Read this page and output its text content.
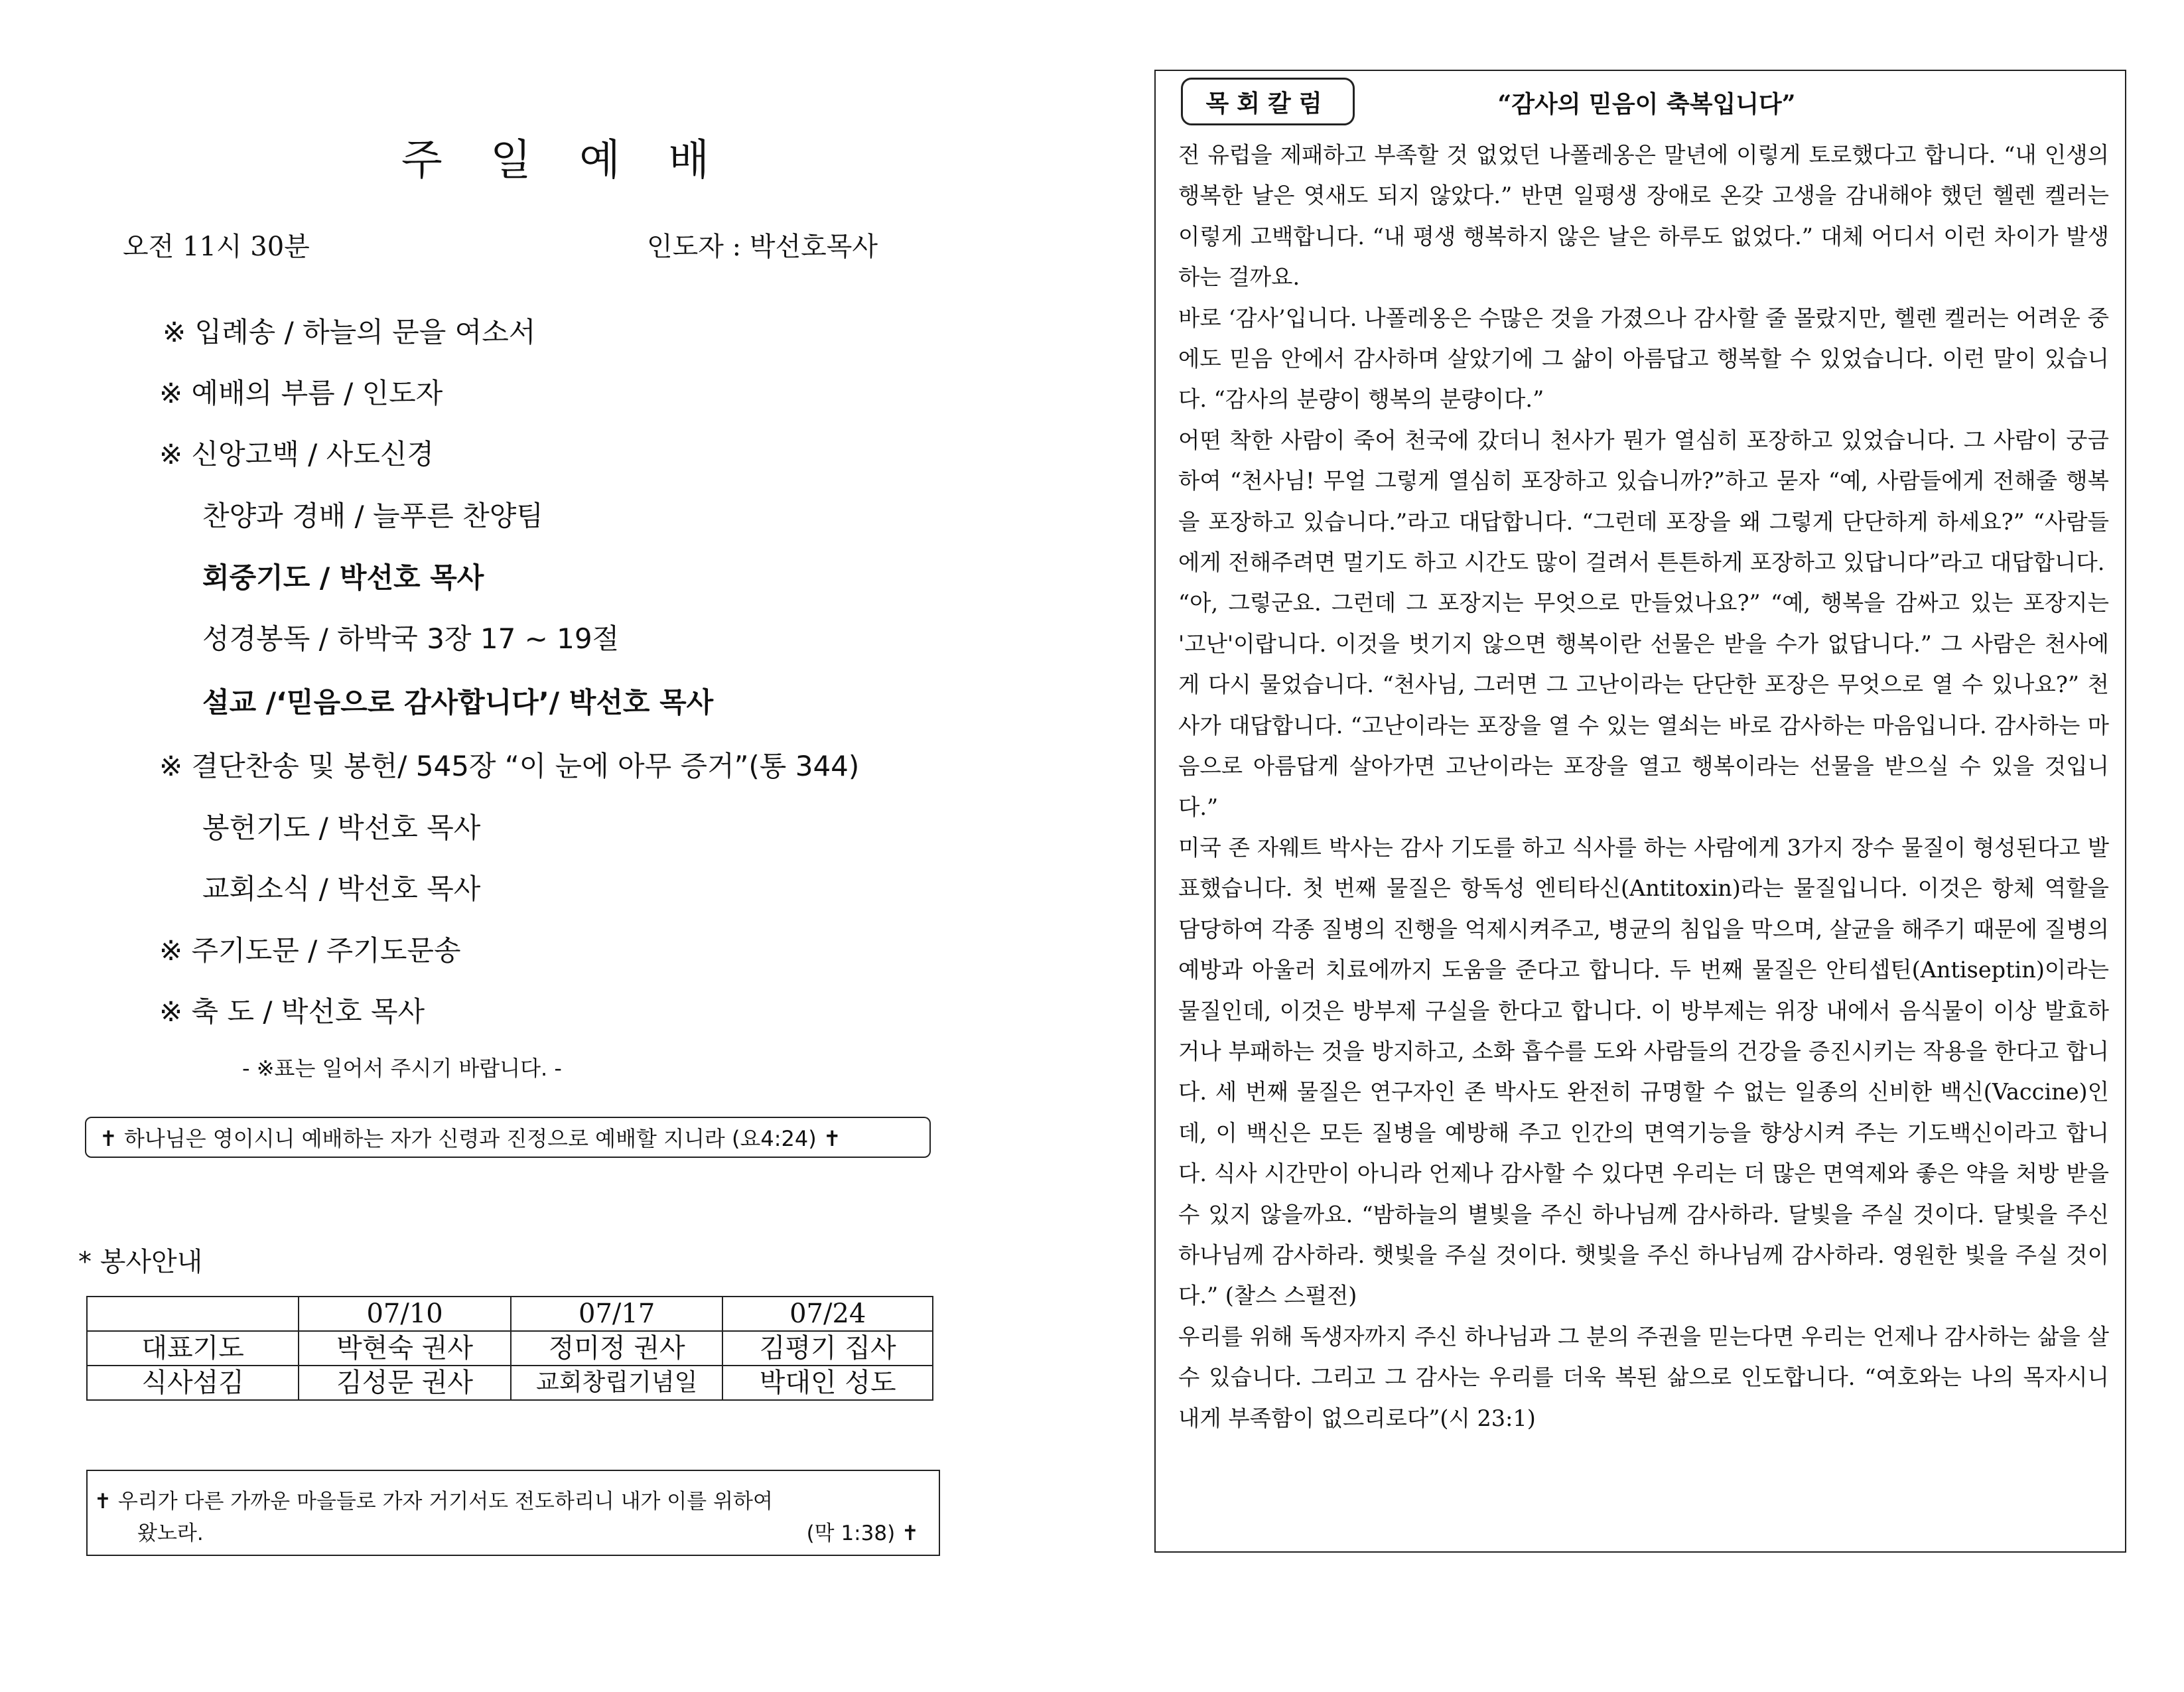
주 일 예 배
오전 11시 30분	인도자 : 박선호목사
※ 입례송 / 하늘의 문을 여소서
※ 예배의 부름 / 인도자
※ 신앙고백 / 사도신경
찬양과 경배 / 늘푸른 찬양팀
회중기도 / 박선호 목사
성경봉독 / 하박국 3장 17 ~ 19절
설교 /‘믿음으로 감사합니다’/ 박선호 목사
※ 결단찬송 및 봉헌/ 545장 “이 눈에 아무 증거”(통 344)
봉헌기도 / 박선호 목사
교회소식 / 박선호 목사
※ 주기도문 / 주기도문송
※ 축 도 / 박선호 목사
- ※표는 일어서 주시기 바랍니다. -
✝ 하나님은 영이시니 예배하는 자가 신령과 진정으로 예배할 지니라 (요4:24) ✝
* 봉사안내
	07/10	07/17	07/24
대표기도	박현숙 권사	정미정 권사	김평기 집사
식사섬김	김성문 권사	교회창립기념일	박대인 성도
✝ 우리가 다른 가까운 마을들로 가자 거기서도 전도하리니 내가 이를 위하여
왔노라.	(막 1:38) ✝
목회칼럼	“감사의 믿음이 축복입니다”

전 유럽을 제패하고 부족할 것 없었던 나폴레옹은 말년에 이렇게 토로했다고 합니다. “내 인생의 행복한 날은 엿새도 되지 않았다.” 반면 일평생 장애로 온갖 고생을 감내해야 했던 헬렌 켈러는 이렇게 고백합니다. “내 평생 행복하지 않은 날은 하루도 없었다.” 대체 어디서 이런 차이가 발생하는 걸까요.

바로 ‘감사’입니다. 나폴레옹은 수많은 것을 가졌으나 감사할 줄 몰랐지만, 헬렌 켈러는 어려운 중에도 믿음 안에서 감사하며 살았기에 그 삶이 아름답고 행복할 수 있었습니다. 이런 말이 있습니다. “감사의 분량이 행복의 분량이다.”

어떤 착한 사람이 죽어 천국에 갔더니 천사가 뭔가 열심히 포장하고 있었습니다. 그 사람이 궁금하여 “천사님! 무얼 그렇게 열심히 포장하고 있습니까?”하고 묻자 “예, 사람들에게 전해줄 행복을 포장하고 있습니다.”라고 대답합니다. “그런데 포장을 왜 그렇게 단단하게 하세요?” “사람들에게 전해주려면 멀기도 하고 시간도 많이 걸려서 튼튼하게 포장하고 있답니다”라고 대답합니다.

“아, 그렇군요. 그런데 그 포장지는 무엇으로 만들었나요?” “예, 행복을 감싸고 있는 포장지는 '고난'이랍니다. 이것을 벗기지 않으면 행복이란 선물은 받을 수가 없답니다.” 그 사람은 천사에게 다시 물었습니다. “천사님, 그러면 그 고난이라는 단단한 포장은 무엇으로 열 수 있나요?” 천사가 대답합니다. “고난이라는 포장을 열 수 있는 열쇠는 바로 감사하는 마음입니다. 감사하는 마음으로 아름답게 살아가면 고난이라는 포장을 열고 행복이라는 선물을 받으실 수 있을 것입니다.”

미국 존 자웨트 박사는 감사 기도를 하고 식사를 하는 사람에게 3가지 장수 물질이 형성된다고 발표했습니다. 첫 번째 물질은 항독성 엔티타신(Antitoxin)라는 물질입니다. 이것은 항체 역할을 담당하여 각종 질병의 진행을 억제시켜주고, 병균의 침입을 막으며, 살균을 해주기 때문에 질병의 예방과 아울러 치료에까지 도움을 준다고 합니다. 두 번째 물질은 안티셉틴(Antiseptin)이라는 물질인데, 이것은 방부제 구실을 한다고 합니다. 이 방부제는 위장 내에서 음식물이 이상 발효하거나 부패하는 것을 방지하고, 소화 흡수를 도와 사람들의 건강을 증진시키는 작용을 한다고 합니다. 세 번째 물질은 연구자인 존 박사도 완전히 규명할 수 없는 일종의 신비한 백신(Vaccine)인데, 이 백신은 모든 질병을 예방해 주고 인간의 면역기능을 향상시켜 주는 기도백신이라고 합니다. 식사 시간만이 아니라 언제나 감사할 수 있다면 우리는 더 많은 면역제와 좋은 약을 처방 받을 수 있지 않을까요. “밤하늘의 별빛을 주신 하나님께 감사하라. 달빛을 주실 것이다. 달빛을 주신 하나님께 감사하라. 햇빛을 주실 것이다. 햇빛을 주신 하나님께 감사하라. 영원한 빛을 주실 것이다.” (찰스 스펄전)

우리를 위해 독생자까지 주신 하나님과 그 분의 주권을 믿는다면 우리는 언제나 감사하는 삶을 살 수 있습니다. 그리고 그 감사는 우리를 더욱 복된 삶으로 인도합니다. “여호와는 나의 목자시니 내게 부족함이 없으리로다”(시 23:1)
